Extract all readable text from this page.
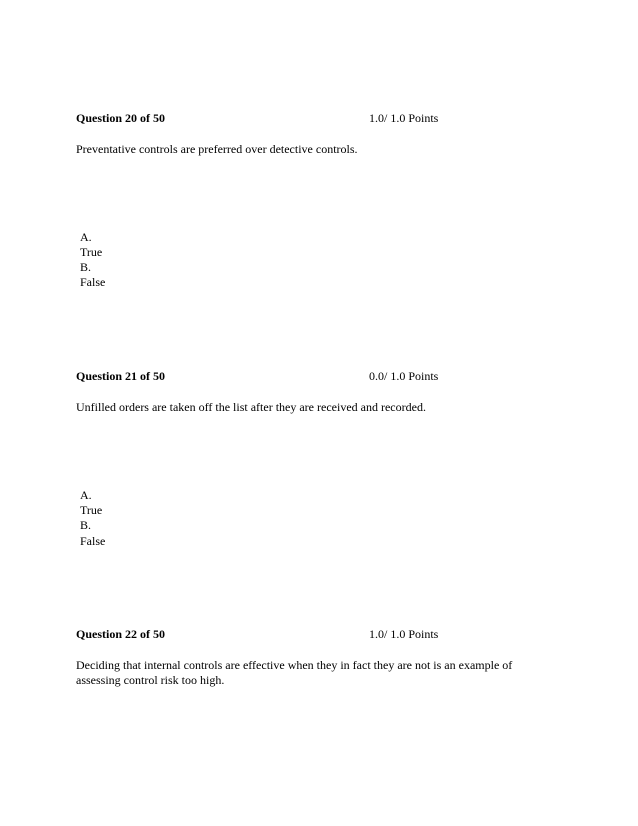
Question 20 of 50	1.0/ 1.0 Points
Preventative controls are preferred over detective controls.
A.
True
B.
False
Question 21 of 50	0.0/ 1.0 Points
Unfilled orders are taken off the list after they are received and recorded.
A.
True
B.
False
Question 22 of 50	1.0/ 1.0 Points
Deciding that internal controls are effective when they in fact they are not is an example of assessing control risk too high.
